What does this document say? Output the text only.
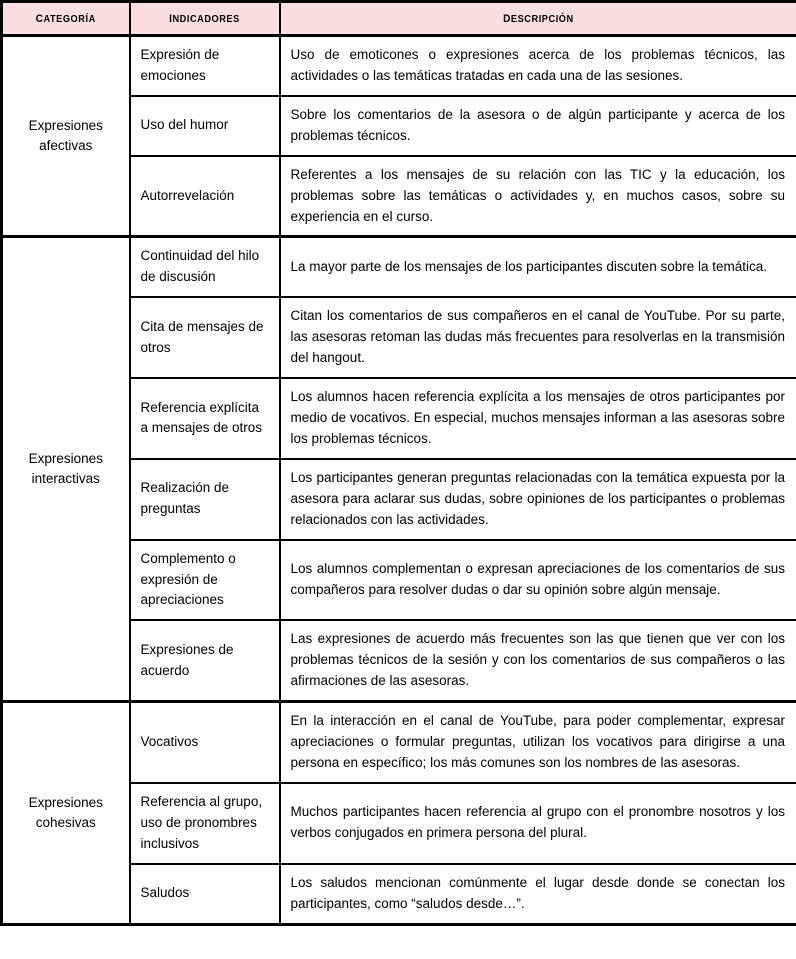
categoría	indicadores	descripción
Expresiones afectivas	Expresión de emociones	Uso de emoticones o expresiones acerca de los problemas técnicos, las actividades o las temáticas tratadas en cada una de las sesiones.
	Uso del humor	Sobre los comentarios de la asesora o de algún participante y acerca de los problemas técnicos.
	Autorrevelación	Referentes a los mensajes de su relación con las TIC y la educación, los problemas sobre las temáticas o actividades y, en muchos casos, sobre su experiencia en el curso.
Expresiones interactivas	Continuidad del hilo de discusión	La mayor parte de los mensajes de los participantes discuten sobre la temática.
	Cita de mensajes de otros	Citan los comentarios de sus compañeros en el canal de YouTube. Por su parte, las asesoras retoman las dudas más frecuentes para resolverlas en la transmisión del hangout.
	Referencia explícita a mensajes de otros	Los alumnos hacen referencia explícita a los mensajes de otros participantes por medio de vocativos. En especial, muchos mensajes informan a las asesoras sobre los problemas técnicos.
	Realización de preguntas	Los participantes generan preguntas relacionadas con la temática expuesta por la asesora para aclarar sus dudas, sobre opiniones de los participantes o problemas relacionados con las actividades.
	Complemento o expresión de apreciaciones	Los alumnos complementan o expresan apreciaciones de los comentarios de sus compañeros para resolver dudas o dar su opinión sobre algún mensaje.
	Expresiones de acuerdo	Las expresiones de acuerdo más frecuentes son las que tienen que ver con los problemas técnicos de la sesión y con los comentarios de sus compañeros o las afirmaciones de las asesoras.
Expresiones cohesivas	Vocativos	En la interacción en el canal de YouTube, para poder complementar, expresar apreciaciones o formular preguntas, utilizan los vocativos para dirigirse a una persona en específico; los más comunes son los nombres de las asesoras.
	Referencia al grupo, uso de pronombres inclusivos	Muchos participantes hacen referencia al grupo con el pronombre nosotros y los verbos conjugados en primera persona del plural.
	Saludos	Los saludos mencionan comúnmente el lugar desde donde se conectan los participantes, como “saludos desde…”.
